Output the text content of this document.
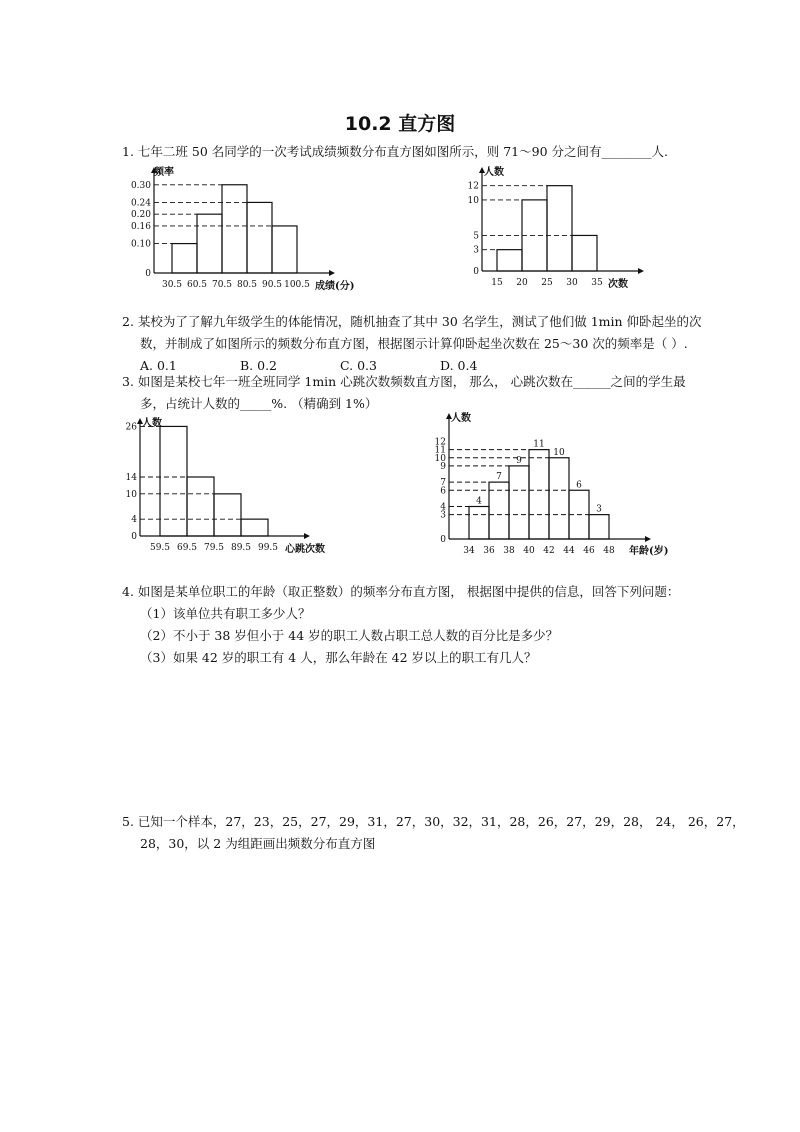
10.2 直方图
1. 七年二班 50 名同学的一次考试成绩频数分布直方图如图所示，则 71～90 分之间有________人.
0
0.10
0.16
0.20
0.24
0.30
30.5 60.5 70.5 80.5 90.5 100.5
频率
成绩(分)
0
3
5
10
12
15 20 25 30 35
人数
次数
2. 某校为了了解九年级学生的体能情况，随机抽查了其中 30 名学生，测试了他们做 1min 仰卧起坐的次
数，并制成了如图所示的频数分布直方图，根据图示计算仰卧起坐次数在 25～30 次的频率是（ ）.
A. 0.1	B. 0.2	C. 0.3	D. 0.4
3. 如图是某校七年一班全班同学 1min 心跳次数频数直方图， 那么， 心跳次数在______之间的学生最
多，占统计人数的_____%. （精确到 1%）
0
4
10
14
26
59.5 69.5 79.5 89.5 99.5
人数
心跳次数
4
7
9
11
10
6
3
0
3
4
6
7
9
10
11
12
34 36 38 40 42 44 46 48
人数
年龄(岁)
4. 如图是某单位职工的年龄（取正整数）的频率分布直方图， 根据图中提供的信息，回答下列问题：
（1）该单位共有职工多少人？
（2）不小于 38 岁但小于 44 岁的职工人数占职工总人数的百分比是多少？
（3）如果 42 岁的职工有 4 人，那么年龄在 42 岁以上的职工有几人？
5. 已知一个样本，27，23，25，27，29，31，27，30，32，31，28，26，27，29，28， 24， 26，27，
28，30，以 2 为组距画出频数分布直方图
